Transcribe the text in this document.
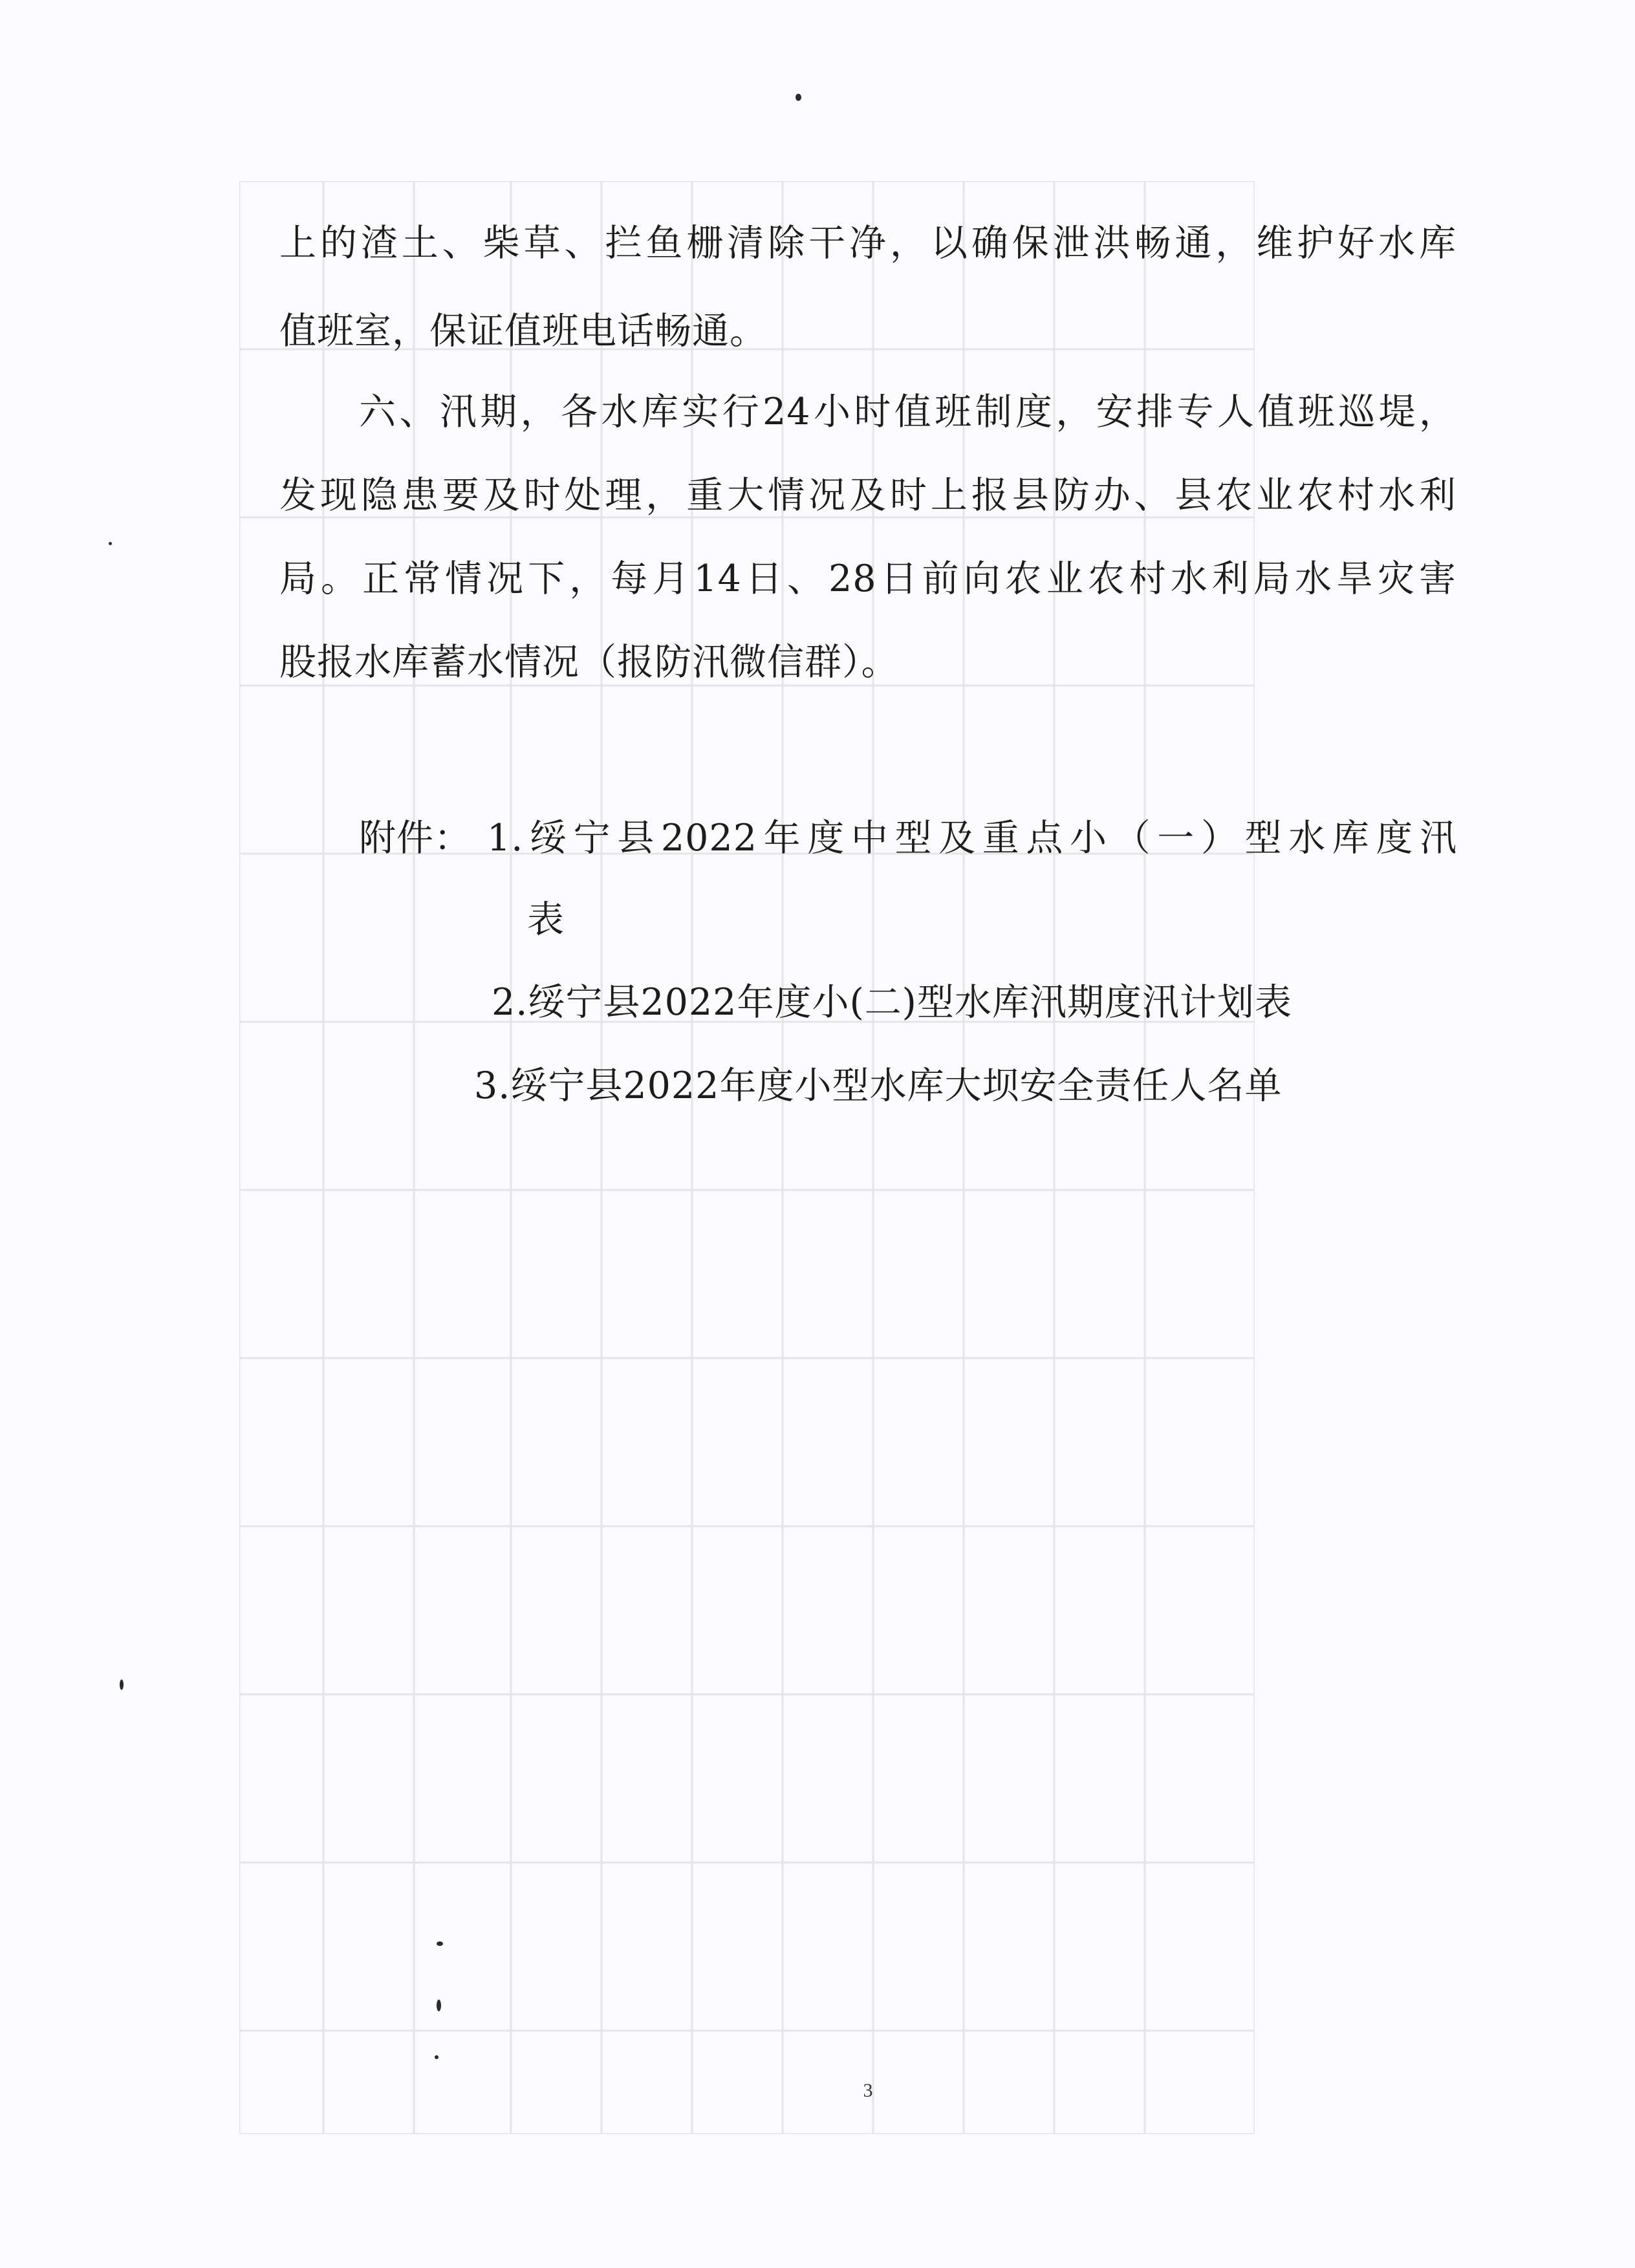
上的渣土、柴草、拦鱼栅清除干净，以确保泄洪畅通，维护好水库
值班室，保证值班电话畅通。
六、汛期，各水库实行24小时值班制度，安排专人值班巡堤，
发现隐患要及时处理，重大情况及时上报县防办、县农业农村水利
局。正常情况下，每月14日、28日前向农业农村水利局水旱灾害
股报水库蓄水情况（报防汛微信群）。
附件： 1.绥宁县2022年度中型及重点小（一）型水库度汛
表
2.绥宁县2022年度小(二)型水库汛期度汛计划表
3.绥宁县2022年度小型水库大坝安全责任人名单
3
